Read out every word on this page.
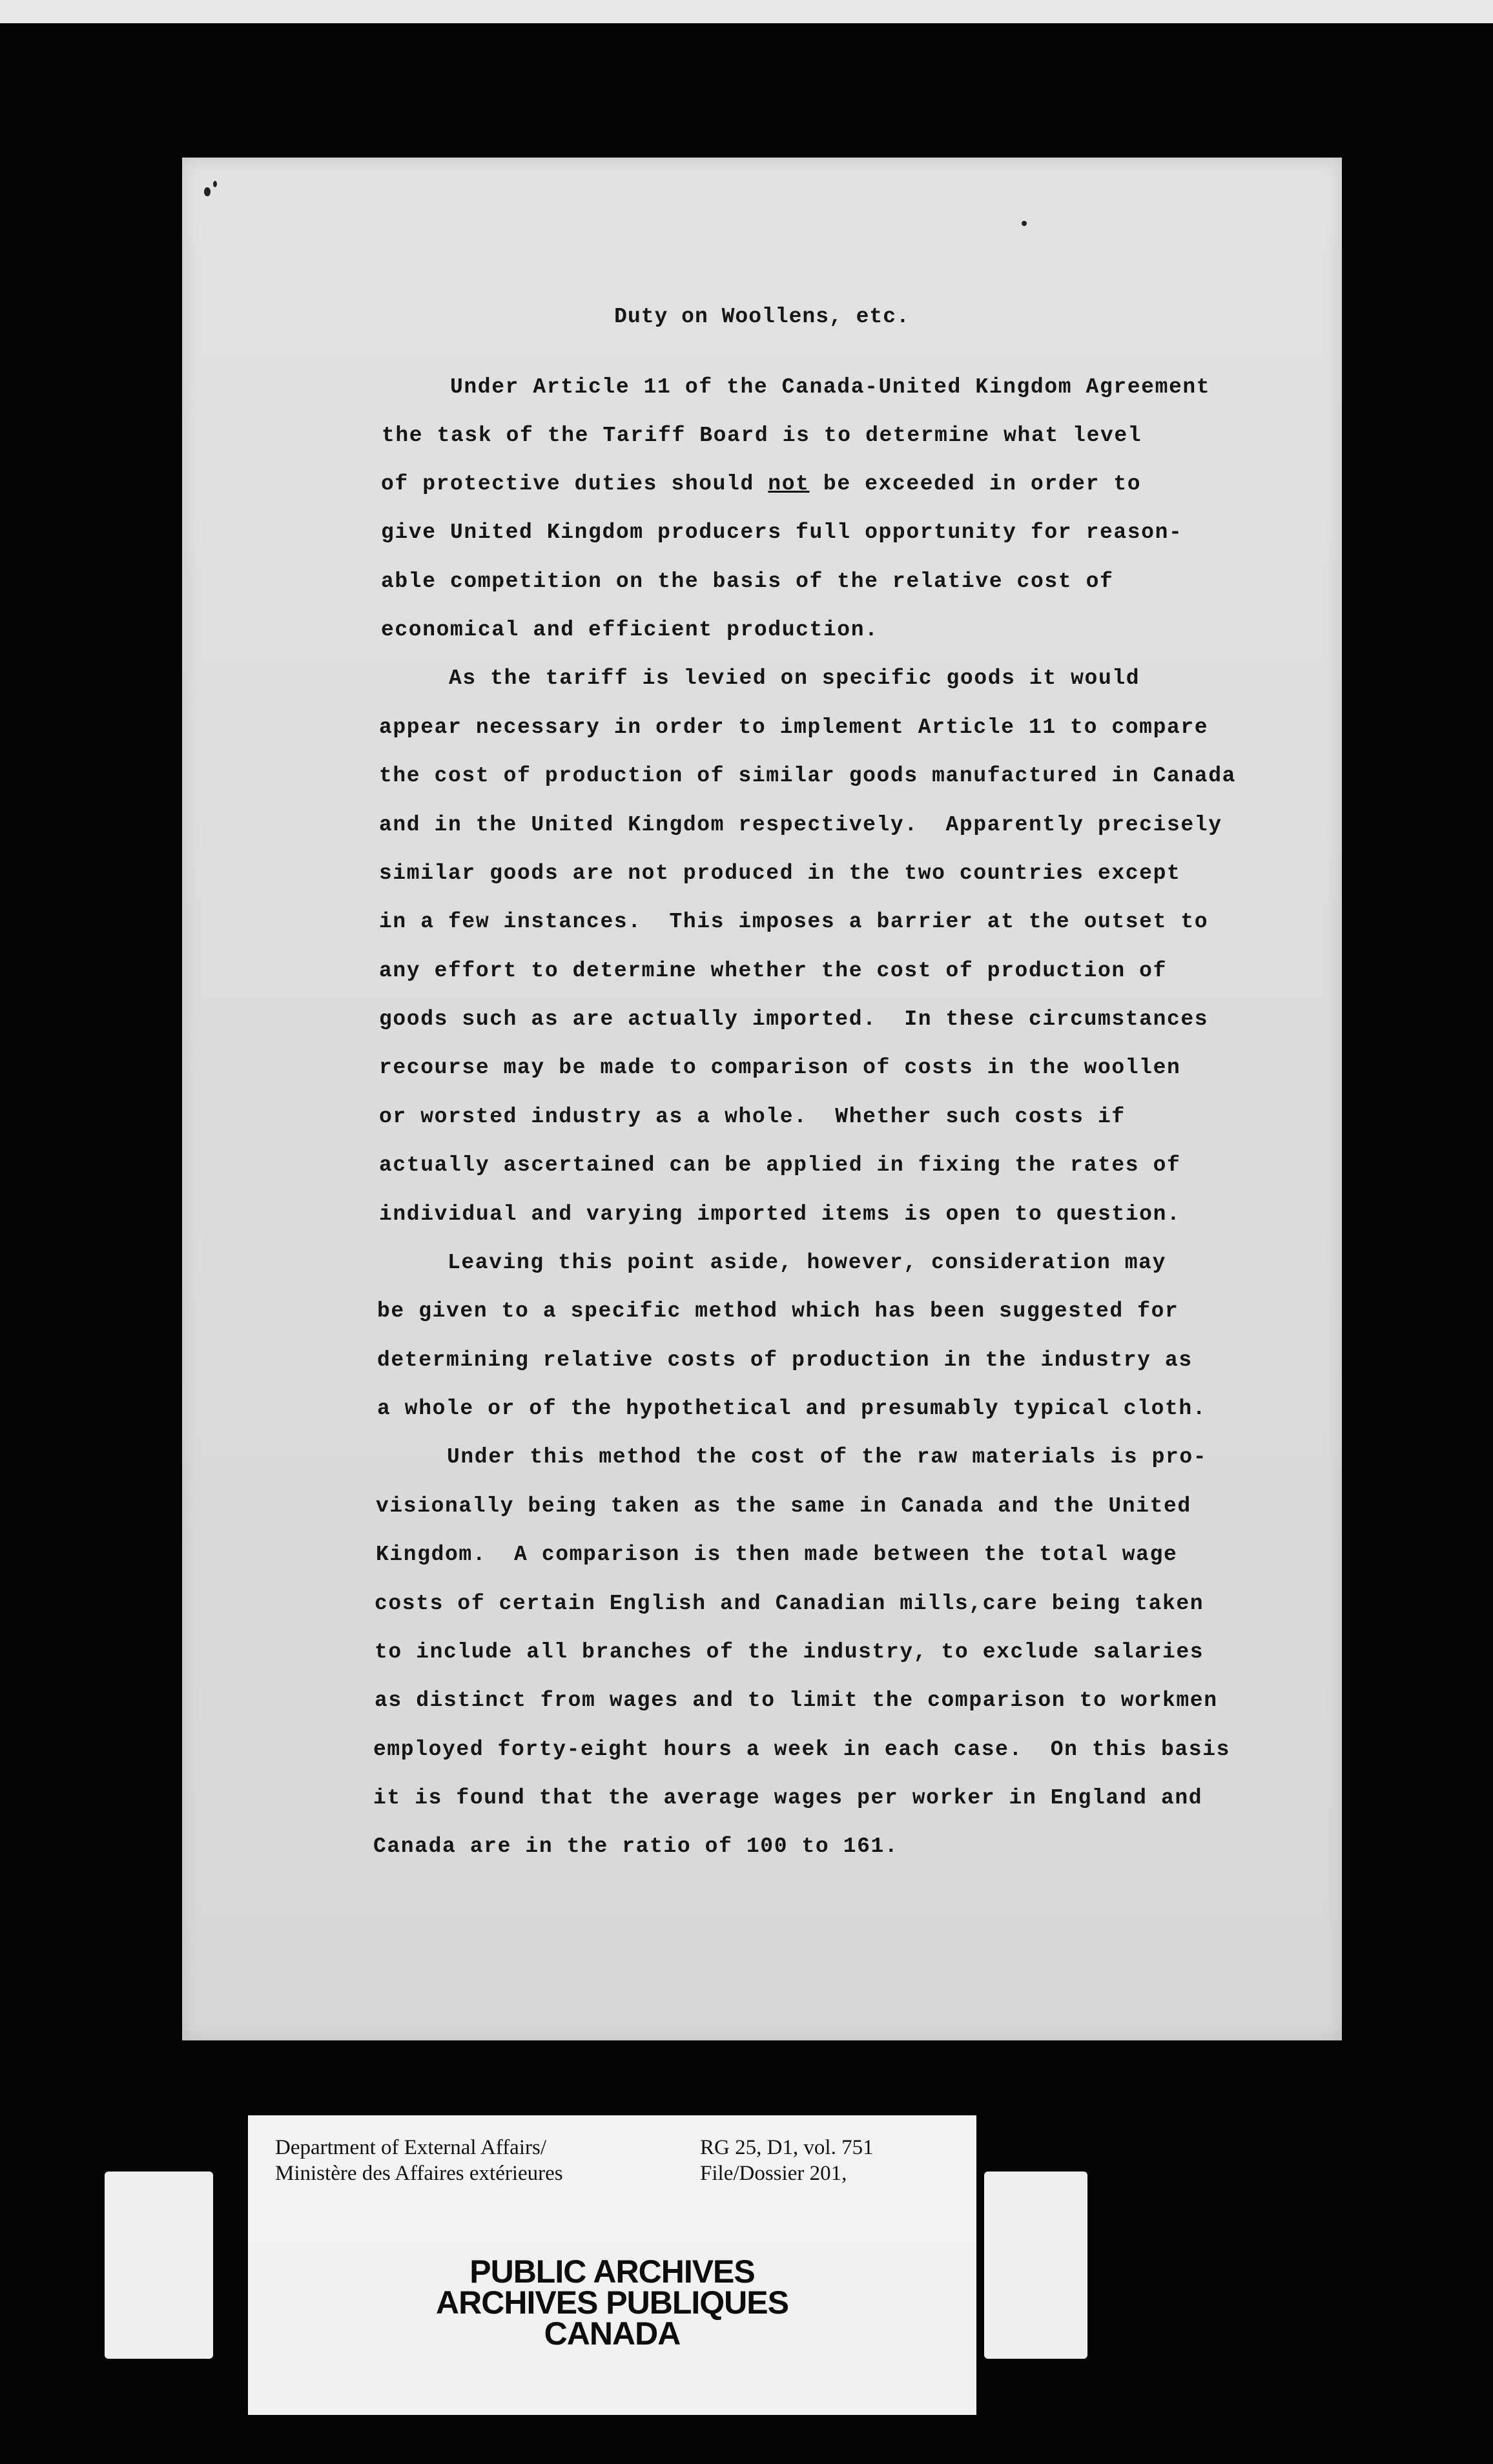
Duty on Woollens, etc.

Under Article 11 of the Canada-United Kingdom Agreement

the task of the Tariff Board is to determine what level

of protective duties should not be exceeded in order to

give United Kingdom producers full opportunity for reason-

able competition on the basis of the relative cost of

economical and efficient production.

As the tariff is levied on specific goods it would

appear necessary in order to implement Article 11 to compare

the cost of production of similar goods manufactured in Canada

and in the United Kingdom respectively.  Apparently precisely

similar goods are not produced in the two countries except

in a few instances.  This imposes a barrier at the outset to

any effort to determine whether the cost of production of

goods such as are actually imported.  In these circumstances

recourse may be made to comparison of costs in the woollen

or worsted industry as a whole.  Whether such costs if

actually ascertained can be applied in fixing the rates of

individual and varying imported items is open to question.

Leaving this point aside, however, consideration may

be given to a specific method which has been suggested for

determining relative costs of production in the industry as

a whole or of the hypothetical and presumably typical cloth.

Under this method the cost of the raw materials is pro-

visionally being taken as the same in Canada and the United

Kingdom.  A comparison is then made between the total wage

costs of certain English and Canadian mills,care being taken

to include all branches of the industry, to exclude salaries

as distinct from wages and to limit the comparison to workmen

employed forty-eight hours a week in each case.  On this basis

it is found that the average wages per worker in England and

Canada are in the ratio of 100 to 161.

Department of External Affairs/
Ministère des Affaires extérieures
RG 25, D1, vol. 751
File/Dossier 201,
PUBLIC ARCHIVES
ARCHIVES PUBLIQUES
CANADA
